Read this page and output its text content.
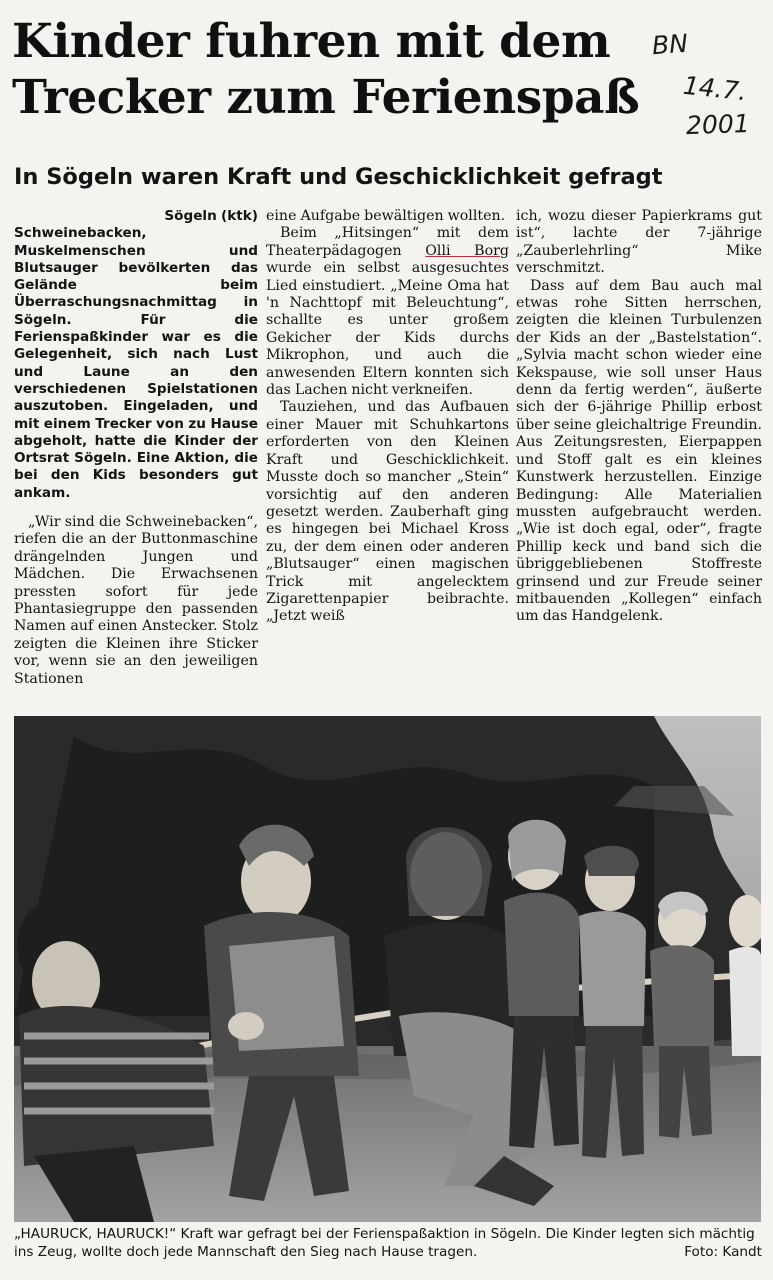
Kinder fuhren mit dem
Trecker zum Ferienspaß
BN
14.7.
2001
In Sögeln waren Kraft und Geschicklichkeit gefragt
Sögeln (ktk)
Schweinebacken, Muskelmenschen und Blutsauger bevölkerten das Gelände beim Überraschungsnachmittag in Sögeln. Für die Ferienspaßkinder war es die Gelegenheit, sich nach Lust und Laune an den verschiedenen Spielstationen auszutoben. Eingeladen, und mit einem Trecker von zu Hause abgeholt, hatte die Kinder der Ortsrat Sögeln. Eine Aktion, die bei den Kids besonders gut ankam.

„Wir sind die Schweinebacken“, riefen die an der Buttonmaschine drängelnden Jungen und Mädchen. Die Erwachsenen pressten sofort für jede Phantasiegruppe den passenden Namen auf einen Anstecker. Stolz zeigten die Kleinen ihre Sticker vor, wenn sie an den jeweiligen Stationen

eine Aufgabe bewältigen wollten.

Beim „Hitsingen“ mit dem Theaterpädagogen Olli Borg wurde ein selbst ausgesuchtes Lied einstudiert. „Meine Oma hat 'n Nachttopf mit Beleuchtung“, schallte es unter großem Gekicher der Kids durchs Mikrophon, und auch die anwesenden Eltern konnten sich das Lachen nicht verkneifen.

Tauziehen, und das Aufbauen einer Mauer mit Schuhkartons erforderten von den Kleinen Kraft und Geschicklichkeit. Musste doch so mancher „Stein“ vorsichtig auf den anderen gesetzt werden. Zauberhaft ging es hingegen bei Michael Kross zu, der dem einen oder anderen „Blutsauger“ einen magischen Trick mit angelecktem Zigarettenpapier beibrachte. „Jetzt weiß

ich, wozu dieser Papierkrams gut ist“, lachte der 7-jährige „Zauberlehrling“ Mike verschmitzt.

Dass auf dem Bau auch mal etwas rohe Sitten herrschen, zeigten die kleinen Turbulenzen der Kids an der „Bastelstation“. „Sylvia macht schon wieder eine Kekspause, wie soll unser Haus denn da fertig werden“, äußerte sich der 6-jährige Phillip erbost über seine gleichaltrige Freundin. Aus Zeitungsresten, Eierpappen und Stoff galt es ein kleines Kunstwerk herzustellen. Einzige Bedingung: Alle Materialien mussten aufgebraucht werden. „Wie ist doch egal, oder“, fragte Phillip keck und band sich die übriggebliebenen Stoffreste grinsend und zur Freude seiner mitbauenden „Kollegen“ einfach um das Handgelenk.

„HAURUCK, HAURUCK!“ Kraft war gefragt bei der Ferienspaßaktion in Sögeln. Die Kinder legten sich mächtig ins Zeug, wollte doch jede Mannschaft den Sieg nach Hause tragen.	Foto: Kandt
